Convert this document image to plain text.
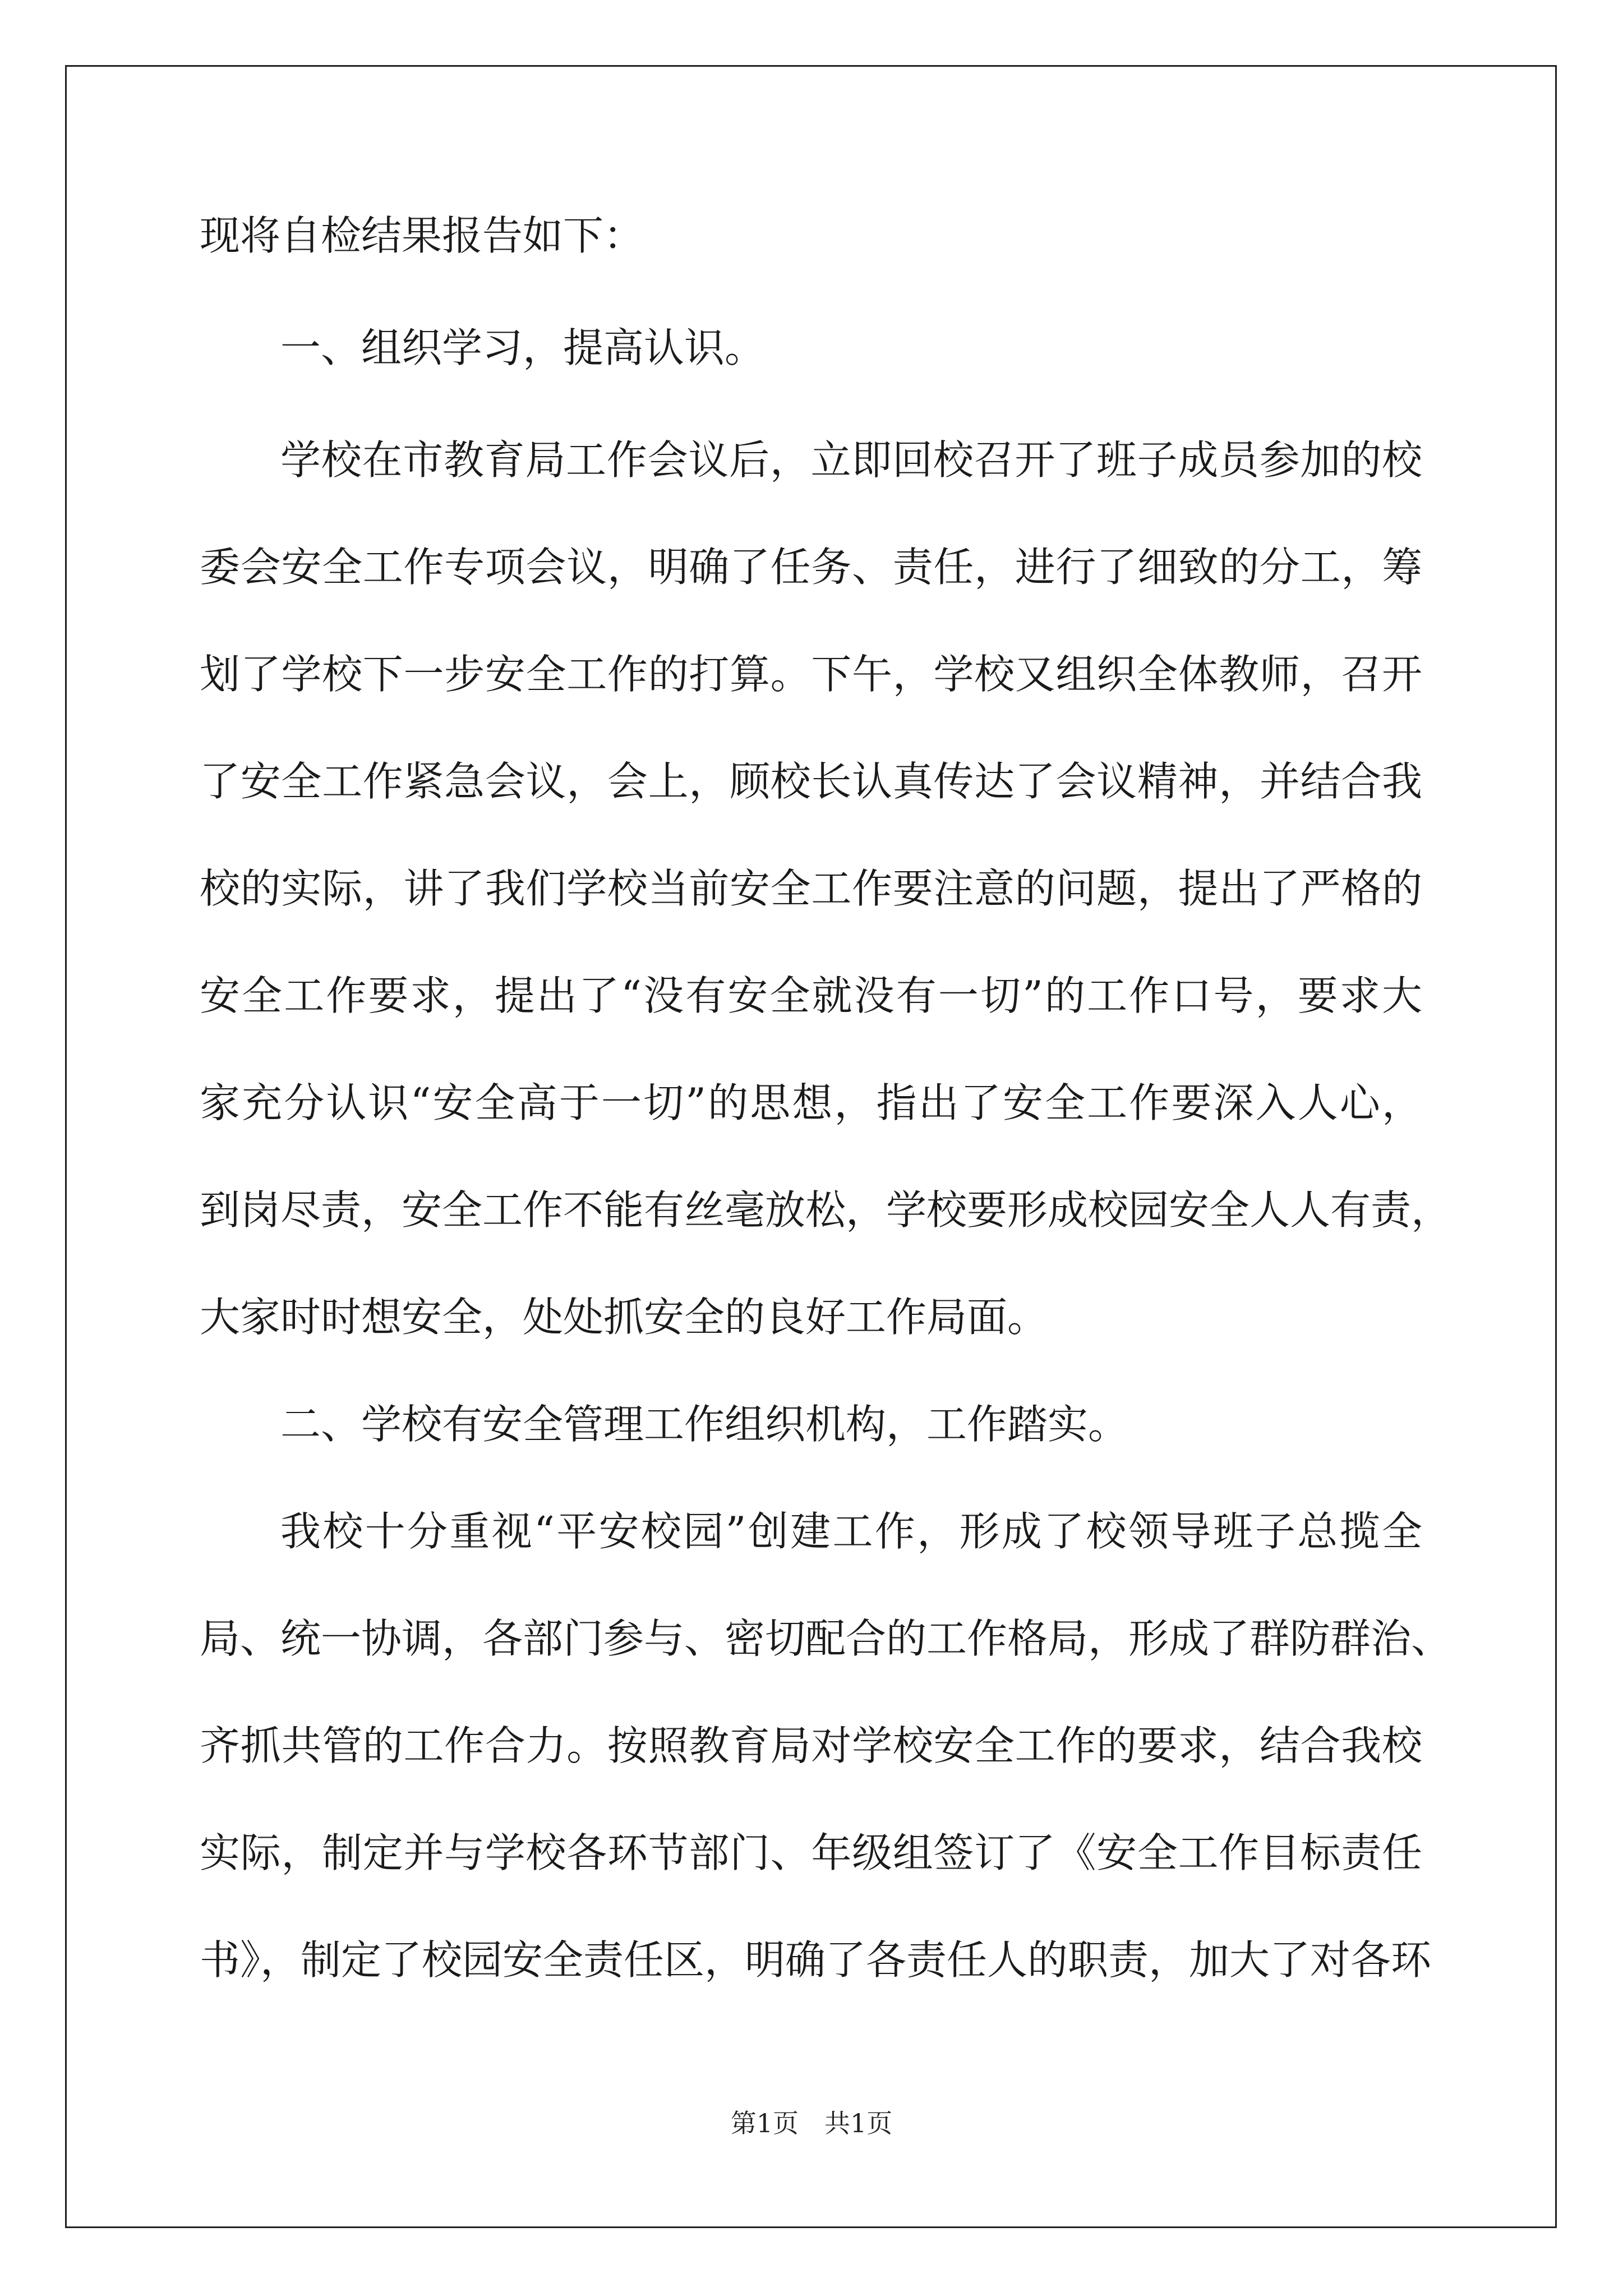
现将自检结果报告如下：
一、组织学习，提高认识。
学校在市教育局工作会议后，立即回校召开了班子成员参加的校
委会安全工作专项会议，明确了任务、责任，进行了细致的分工，筹
划了学校下一步安全工作的打算。下午，学校又组织全体教师，召开
了安全工作紧急会议，会上，顾校长认真传达了会议精神，并结合我
校的实际，讲了我们学校当前安全工作要注意的问题，提出了严格的
安全工作要求，提出了“没有安全就没有一切”的工作口号，要求大
家充分认识“安全高于一切”的思想，指出了安全工作要深入人心，
到岗尽责，安全工作不能有丝毫放松，学校要形成校园安全人人有责，
大家时时想安全，处处抓安全的良好工作局面。
二、学校有安全管理工作组织机构，工作踏实。
我校十分重视“平安校园”创建工作，形成了校领导班子总揽全
局、统一协调，各部门参与、密切配合的工作格局，形成了群防群治、
齐抓共管的工作合力。按照教育局对学校安全工作的要求，结合我校
实际，制定并与学校各环节部门、年级组签订了《安全工作目标责任
书》，制定了校园安全责任区，明确了各责任人的职责，加大了对各环
第1页　共1页
